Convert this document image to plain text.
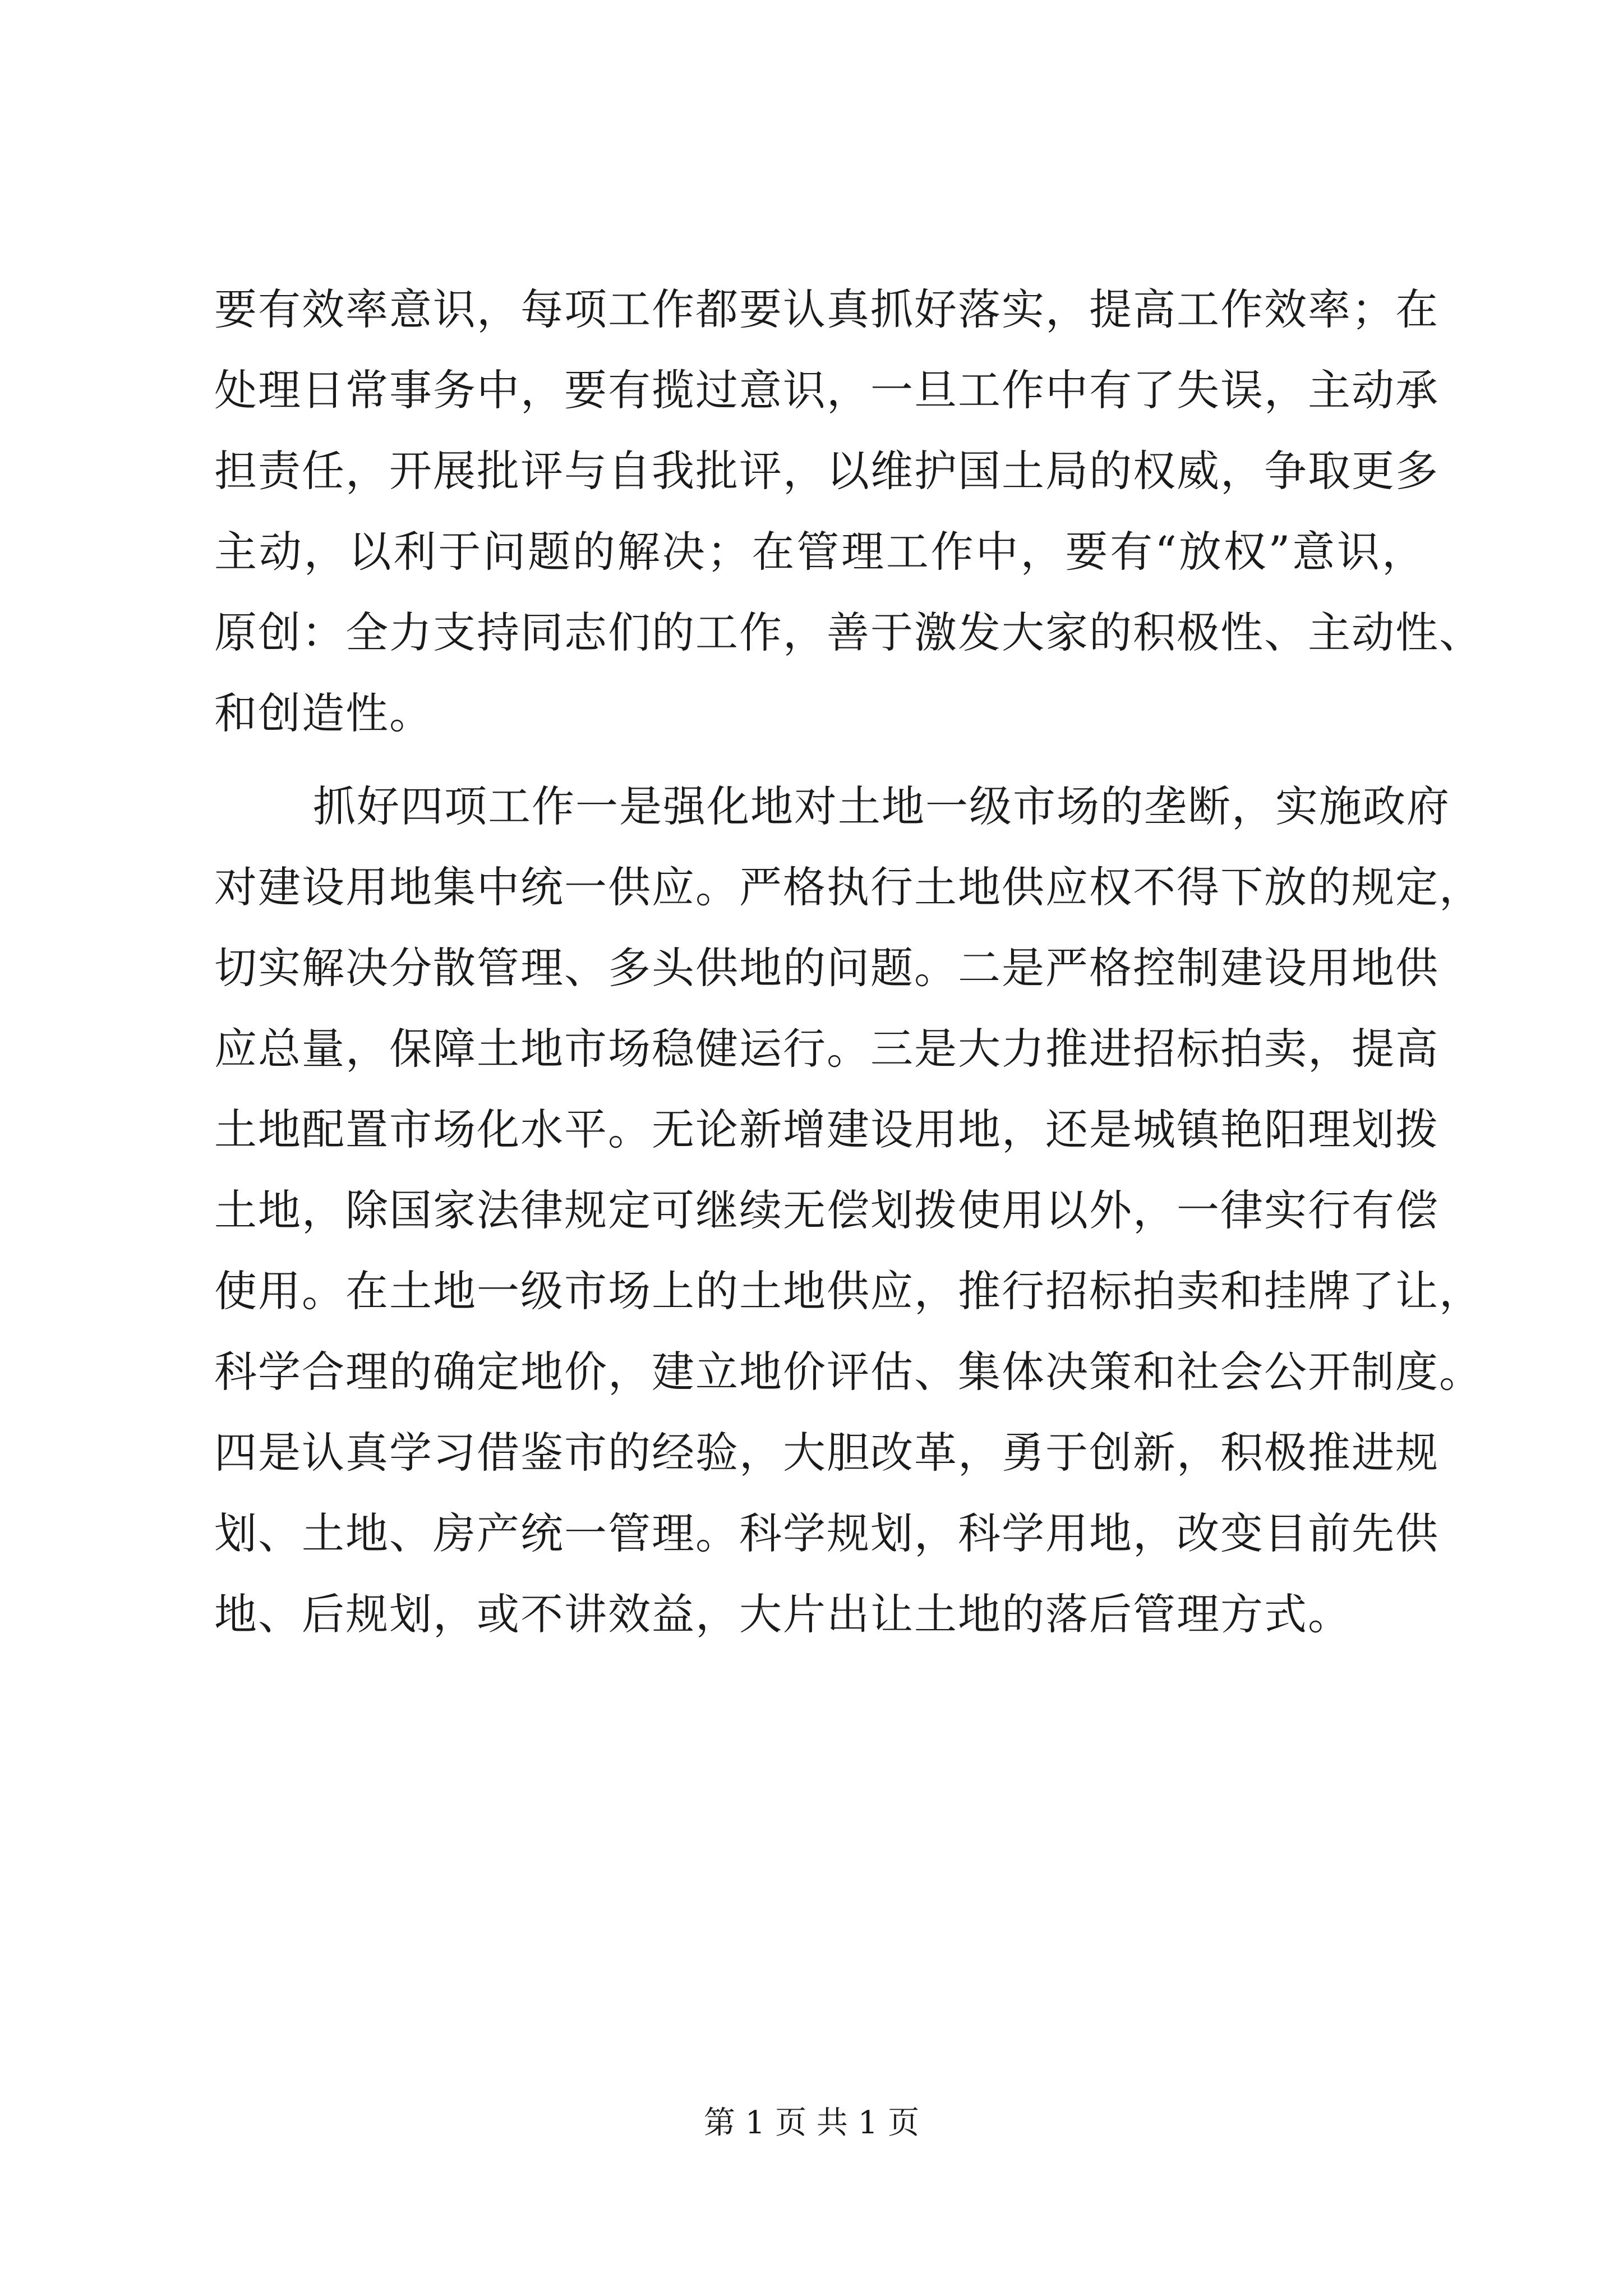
要有效率意识，每项工作都要认真抓好落实，提高工作效率；在
处理日常事务中，要有揽过意识，一旦工作中有了失误，主动承
担责任，开展批评与自我批评，以维护国土局的权威，争取更多
主动，以利于问题的解决；在管理工作中，要有“放权”意识，
原创：全力支持同志们的工作，善于激发大家的积极性、主动性、
和创造性。
抓好四项工作一是强化地对土地一级市场的垄断，实施政府
对建设用地集中统一供应。严格执行土地供应权不得下放的规定，
切实解决分散管理、多头供地的问题。二是严格控制建设用地供
应总量，保障土地市场稳健运行。三是大力推进招标拍卖，提高
土地配置市场化水平。无论新增建设用地，还是城镇艳阳理划拨
土地，除国家法律规定可继续无偿划拨使用以外，一律实行有偿
使用。在土地一级市场上的土地供应，推行招标拍卖和挂牌了让，
科学合理的确定地价，建立地价评估、集体决策和社会公开制度。
四是认真学习借鉴市的经验，大胆改革，勇于创新，积极推进规
划、土地、房产统一管理。科学规划，科学用地，改变目前先供
地、后规划，或不讲效益，大片出让土地的落后管理方式。
第 1 页 共 1 页
